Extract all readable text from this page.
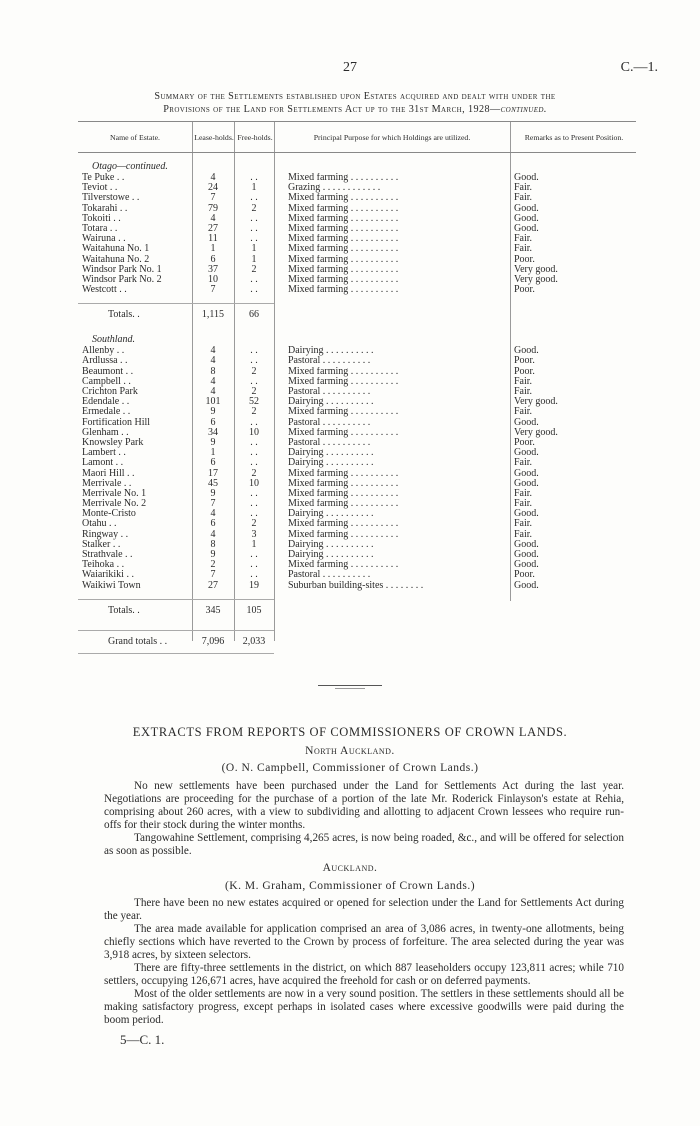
27	C.—1.
Summary of the Settlements established upon Estates acquired and dealt with under the
Provisions of the Land for Settlements Act up to the 31st March, 1928—continued.
Name of Estate.	Lease-holds. Free-holds.	Principal Purpose for which Holdings are utilized.	Remarks as to Present Position.
Otago—continued.
Te Puke . .	4	. .	Mixed farming . . . . . . . . . .	Good.
Teviot . .	24	1	Grazing . . . . . . . . . . . .	Fair.
Tilverstowe . .	7	. .	Mixed farming . . . . . . . . . .	Fair.
Tokarahi . .	79	2	Mixed farming . . . . . . . . . .	Good.
Tokoiti . .	4	. .	Mixed farming . . . . . . . . . .	Good.
Totara . .	27	. .	Mixed farming . . . . . . . . . .	Good.
Wairuna . .	11	. .	Mixed farming . . . . . . . . . .	Fair.
Waitahuna No. 1	1	1	Mixed farming . . . . . . . . . .	Fair.
Waitahuna No. 2	6	1	Mixed farming . . . . . . . . . .	Poor.
Windsor Park No. 1	37	2	Mixed farming . . . . . . . . . .	Very good.
Windsor Park No. 2	10	. .	Mixed farming . . . . . . . . . .	Very good.
Westcott . .	7	. .	Mixed farming . . . . . . . . . .	Poor.
Totals. .	1,115	66
Southland.
Allenby . .	4	. .	Dairying . . . . . . . . . .	Good.
Ardlussa . .	4	. .	Pastoral . . . . . . . . . .	Poor.
Beaumont . .	8	2	Mixed farming . . . . . . . . . .	Poor.
Campbell . .	4	. .	Mixed farming . . . . . . . . . .	Fair.
Crichton Park	4	2	Pastoral . . . . . . . . . .	Fair.
Edendale . .	101	52	Dairying . . . . . . . . . .	Very good.
Ermedale . .	9	2	Mixed farming . . . . . . . . . .	Fair.
Fortification Hill	6	. .	Pastoral . . . . . . . . . .	Good.
Glenham . .	34	10	Mixed farming . . . . . . . . . .	Very good.
Knowsley Park	9	. .	Pastoral . . . . . . . . . .	Poor.
Lambert . .	1	. .	Dairying . . . . . . . . . .	Good.
Lamont . .	6	. .	Dairying . . . . . . . . . .	Fair.
Maori Hill . .	17	2	Mixed farming . . . . . . . . . .	Good.
Merrivale . .	45	10	Mixed farming . . . . . . . . . .	Good.
Merrivale No. 1	9	. .	Mixed farming . . . . . . . . . .	Fair.
Merrivale No. 2	7	. .	Mixed farming . . . . . . . . . .	Fair.
Monte-Cristo	4	. .	Dairying . . . . . . . . . .	Good.
Otahu . .	6	2	Mixed farming . . . . . . . . . .	Fair.
Ringway . .	4	3	Mixed farming . . . . . . . . . .	Fair.
Stalker . .	8	1	Dairying . . . . . . . . . .	Good.
Strathvale . .	9	. .	Dairying . . . . . . . . . .	Good.
Teihoka . .	2	. .	Mixed farming . . . . . . . . . .	Good.
Waiarikiki . .	7	. .	Pastoral . . . . . . . . . .	Poor.
Waikiwi Town	27	19	Suburban building-sites . . . . . . . .	Good.
Totals. .	345	105
Grand totals . .	7,096	2,033
EXTRACTS FROM REPORTS OF COMMISSIONERS OF CROWN LANDS.
North Auckland.
(O. N. Campbell, Commissioner of Crown Lands.)

No new settlements have been purchased under the Land for Settlements Act during the last year. Negotiations are proceeding for the purchase of a portion of the late Mr. Roderick Finlayson's estate at Rehia, comprising about 260 acres, with a view to subdividing and allotting to adjacent Crown lessees who require run-offs for their stock during the winter months.

Tangowahine Settlement, comprising 4,265 acres, is now being roaded, &c., and will be offered for selection as soon as possible.

Auckland.
(K. M. Graham, Commissioner of Crown Lands.)

There have been no new estates acquired or opened for selection under the Land for Settlements Act during the year.

The area made available for application comprised an area of 3,086 acres, in twenty-one allotments, being chiefly sections which have reverted to the Crown by process of forfeiture. The area selected during the year was 3,918 acres, by sixteen selectors.

There are fifty-three settlements in the district, on which 887 leaseholders occupy 123,811 acres; while 710 settlers, occupying 126,671 acres, have acquired the freehold for cash or on deferred payments.

Most of the older settlements are now in a very sound position. The settlers in these settlements should all be making satisfactory progress, except perhaps in isolated cases where excessive goodwills were paid during the boom period.

5—C. 1.
